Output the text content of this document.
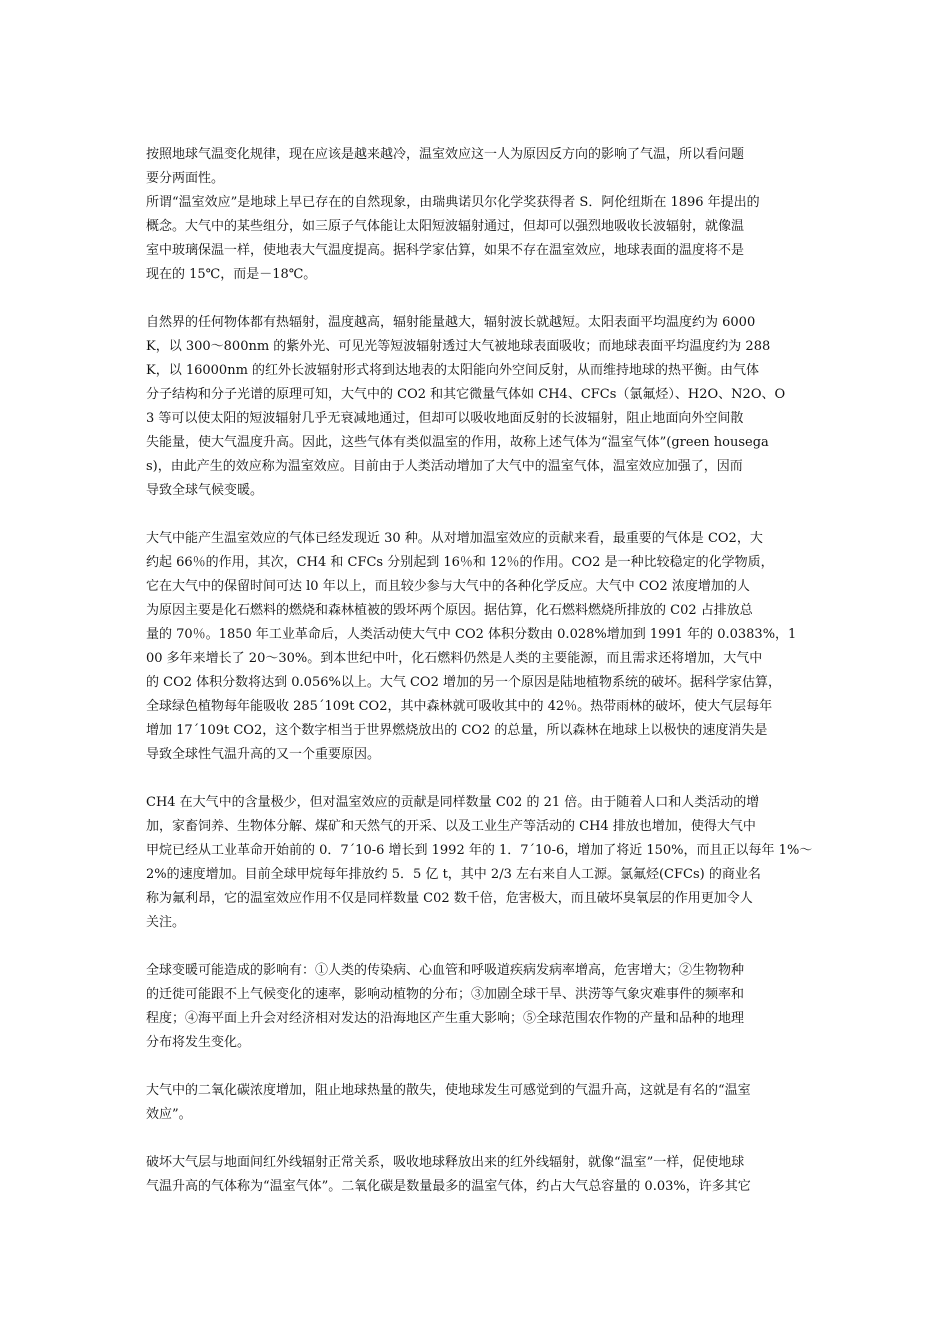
按照地球气温变化规律，现在应该是越来越冷，温室效应这一人为原因反方向的影响了气温，所以看问题
要分两面性。
所谓“温室效应”是地球上早已存在的自然现象，由瑞典诺贝尔化学奖获得者 S．阿伦纽斯在 1896 年提出的
概念。大气中的某些组分，如三原子气体能让太阳短波辐射通过，但却可以强烈地吸收长波辐射，就像温
室中玻璃保温一样，使地表大气温度提高。据科学家估算，如果不存在温室效应，地球表面的温度将不是
现在的 15℃，而是－18℃。
自然界的任何物体都有热辐射，温度越高，辐射能量越大，辐射波长就越短。太阳表面平均温度约为 6000
K，以 300～800nm 的紫外光、可见光等短波辐射透过大气被地球表面吸收；而地球表面平均温度约为 288
K，以 16000nm 的红外长波辐射形式将到达地表的太阳能向外空间反射，从而维持地球的热平衡。由气体
分子结构和分子光谱的原理可知，大气中的 CO2 和其它微量气体如 CH4、CFCs（氯氟烃）、H2O、N2O、O
3 等可以使太阳的短波辐射几乎无衰减地通过，但却可以吸收地面反射的长波辐射，阻止地面向外空间散
失能量，使大气温度升高。因此，这些气体有类似温室的作用，故称上述气体为“温室气体”(green housega
s)，由此产生的效应称为温室效应。目前由于人类活动增加了大气中的温室气体，温室效应加强了，因而
导致全球气候变暖。
大气中能产生温室效应的气体已经发现近 30 种。从对增加温室效应的贡献来看，最重要的气体是 CO2，大
约起 66％的作用，其次，CH4 和 CFCs 分别起到 16％和 12％的作用。CO2 是一种比较稳定的化学物质，
它在大气中的保留时间可达 l0 年以上，而且较少参与大气中的各种化学反应。大气中 CO2 浓度增加的人
为原因主要是化石燃料的燃烧和森林植被的毁坏两个原因。据估算，化石燃料燃烧所排放的 C02 占排放总
量的 70％。1850 年工业革命后，人类活动使大气中 CO2 体积分数由 0.028%增加到 1991 年的 0.0383%，1
00 多年来增长了 20～30%。到本世纪中叶，化石燃料仍然是人类的主要能源，而且需求还将增加，大气中
的 CO2 体积分数将达到 0.056%以上。大气 CO2 增加的另一个原因是陆地植物系统的破坏。据科学家估算，
全球绿色植物每年能吸收 285´109t CO2，其中森林就可吸收其中的 42％。热带雨林的破坏，使大气层每年
增加 17´109t CO2，这个数字相当于世界燃烧放出的 CO2 的总量，所以森林在地球上以极快的速度消失是
导致全球性气温升高的又一个重要原因。
CH4 在大气中的含量极少，但对温室效应的贡献是同样数量 C02 的 21 倍。由于随着人口和人类活动的增
加，家畜饲养、生物体分解、煤矿和天然气的开采、以及工业生产等活动的 CH4 排放也增加，使得大气中
甲烷已经从工业革命开始前的 0．7´10-6 增长到 1992 年的 1．7´10-6，增加了将近 150%，而且正以每年 1%～
2%的速度增加。目前全球甲烷每年排放约 5．5 亿 t，其中 2/3 左右来自人工源。氯氟烃(CFCs) 的商业名
称为氟利昂，它的温室效应作用不仅是同样数量 C02 数千倍，危害极大，而且破坏臭氧层的作用更加令人
关注。
全球变暖可能造成的影响有：①人类的传染病、心血管和呼吸道疾病发病率增高，危害增大；②生物物种
的迁徙可能跟不上气候变化的速率，影响动植物的分布；③加剧全球干旱、洪涝等气象灾难事件的频率和
程度；④海平面上升会对经济相对发达的沿海地区产生重大影响；⑤全球范围农作物的产量和品种的地理
分布将发生变化。
大气中的二氧化碳浓度增加，阻止地球热量的散失，使地球发生可感觉到的气温升高，这就是有名的“温室
效应”。
破坏大气层与地面间红外线辐射正常关系，吸收地球释放出来的红外线辐射，就像“温室”一样，促使地球
气温升高的气体称为“温室气体”。二氧化碳是数量最多的温室气体，约占大气总容量的 0.03%，许多其它
